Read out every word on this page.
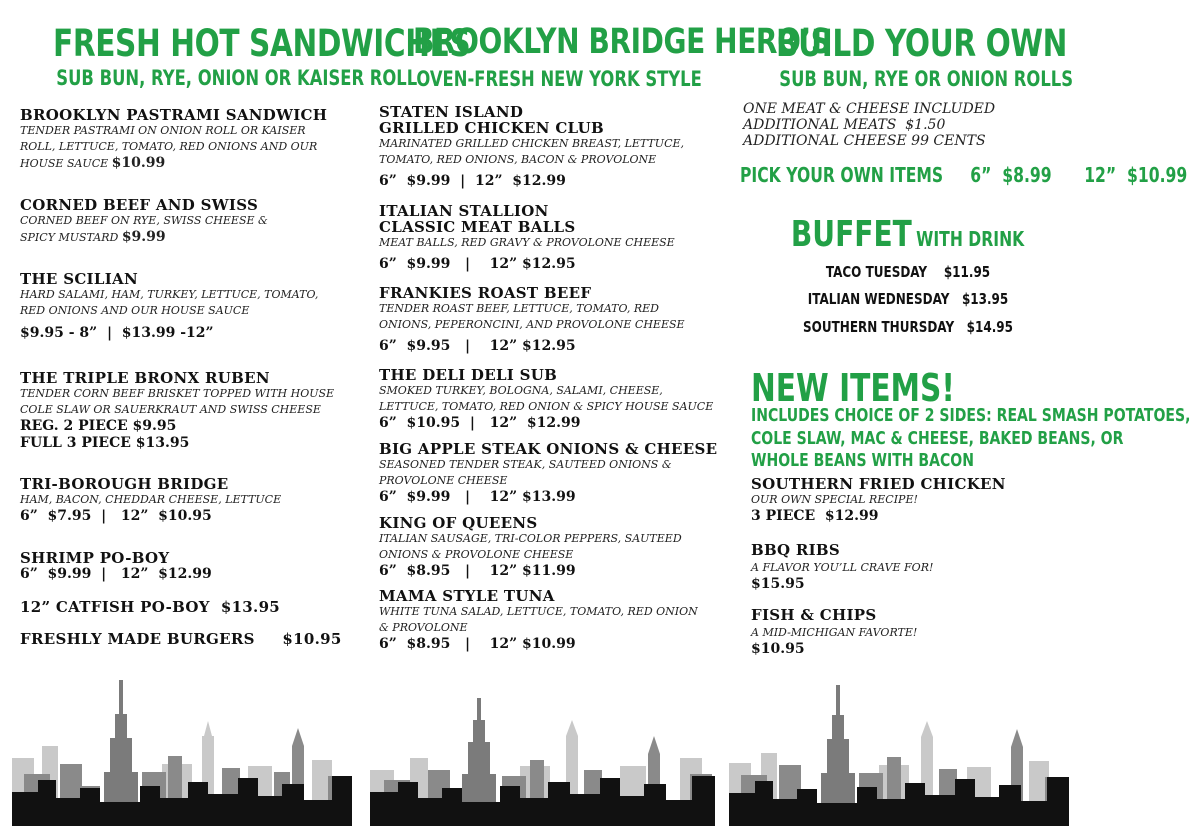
FRESH HOT SANDWICHES
SUB BUN, RYE, ONION OR KAISER ROLL
BROOKLYN PASTRAMI SANDWICH
TENDER PASTRAMI ON ONION ROLL OR KAISER ROLL, LETTUCE, TOMATO, RED ONIONS AND OUR HOUSE SAUCE $10.99
CORNED BEEF AND SWISS
CORNED BEEF ON RYE, SWISS CHEESE & SPICY MUSTARD $9.99
THE SCILIAN
HARD SALAMI, HAM, TURKEY, LETTUCE, TOMATO, RED ONIONS AND OUR HOUSE SAUCE
$9.95 - 8”  |  $13.99 -12”
THE TRIPLE BRONX RUBEN
TENDER CORN BEEF BRISKET TOPPED WITH HOUSE COLE SLAW OR SAUERKRAUT AND SWISS CHEESE
REG. 2 PIECE $9.95
FULL 3 PIECE $13.95
TRI-BOROUGH BRIDGE
HAM, BACON, CHEDDAR CHEESE, LETTUCE
6”  $7.95  |   12”  $10.95
SHRIMP PO-BOY
6”  $9.99  |   12”  $12.99
12” CATFISH PO-BOY  $13.95
FRESHLY MADE BURGERS     $10.95
BROOKLYN BRIDGE HERO’S
OVEN-FRESH NEW YORK STYLE
STATEN ISLAND
GRILLED CHICKEN CLUB
MARINATED GRILLED CHICKEN BREAST, LETTUCE, TOMATO, RED ONIONS, BACON & PROVOLONE
6”  $9.99  |  12”  $12.99
ITALIAN STALLION
CLASSIC MEAT BALLS
MEAT BALLS, RED GRAVY & PROVOLONE CHEESE
6”  $9.99   |    12” $12.95
FRANKIES ROAST BEEF
TENDER ROAST BEEF, LETTUCE, TOMATO, RED ONIONS, PEPERONCINI, AND PROVOLONE CHEESE
6”  $9.95   |    12” $12.95
THE DELI DELI SUB
SMOKED TURKEY, BOLOGNA, SALAMI, CHEESE, LETTUCE, TOMATO, RED ONION & SPICY HOUSE SAUCE
6”  $10.95  |   12”  $12.99
BIG APPLE STEAK ONIONS & CHEESE
SEASONED TENDER STEAK, SAUTEED ONIONS & PROVOLONE CHEESE
6”  $9.99   |    12” $13.99
KING OF QUEENS
ITALIAN SAUSAGE, TRI-COLOR PEPPERS, SAUTEED ONIONS & PROVOLONE CHEESE
6”  $8.95   |    12” $11.99
MAMA STYLE TUNA
WHITE TUNA SALAD, LETTUCE, TOMATO, RED ONION & PROVOLONE
6”  $8.95   |    12” $10.99
BUILD YOUR OWN
SUB BUN, RYE OR ONION ROLLS
ONE MEAT & CHEESE INCLUDED
ADDITIONAL MEATS  $1.50
ADDITIONAL CHEESE 99 CENTS
PICK YOUR OWN ITEMS     6”  $8.99      12”  $10.99
BUFFET WITH DRINK
TACO TUESDAY    $11.95
ITALIAN WEDNESDAY   $13.95
SOUTHERN THURSDAY   $14.95
NEW ITEMS!
INCLUDES CHOICE OF 2 SIDES: REAL SMASH POTATOES,
COLE SLAW, MAC & CHEESE, BAKED BEANS, OR
WHOLE BEANS WITH BACON
SOUTHERN FRIED CHICKEN
OUR OWN SPECIAL RECIPE!
3 PIECE  $12.99
BBQ RIBS
A FLAVOR YOU’LL CRAVE FOR!
$15.95
FISH & CHIPS
A MID-MICHIGAN FAVORTE!
$10.95
